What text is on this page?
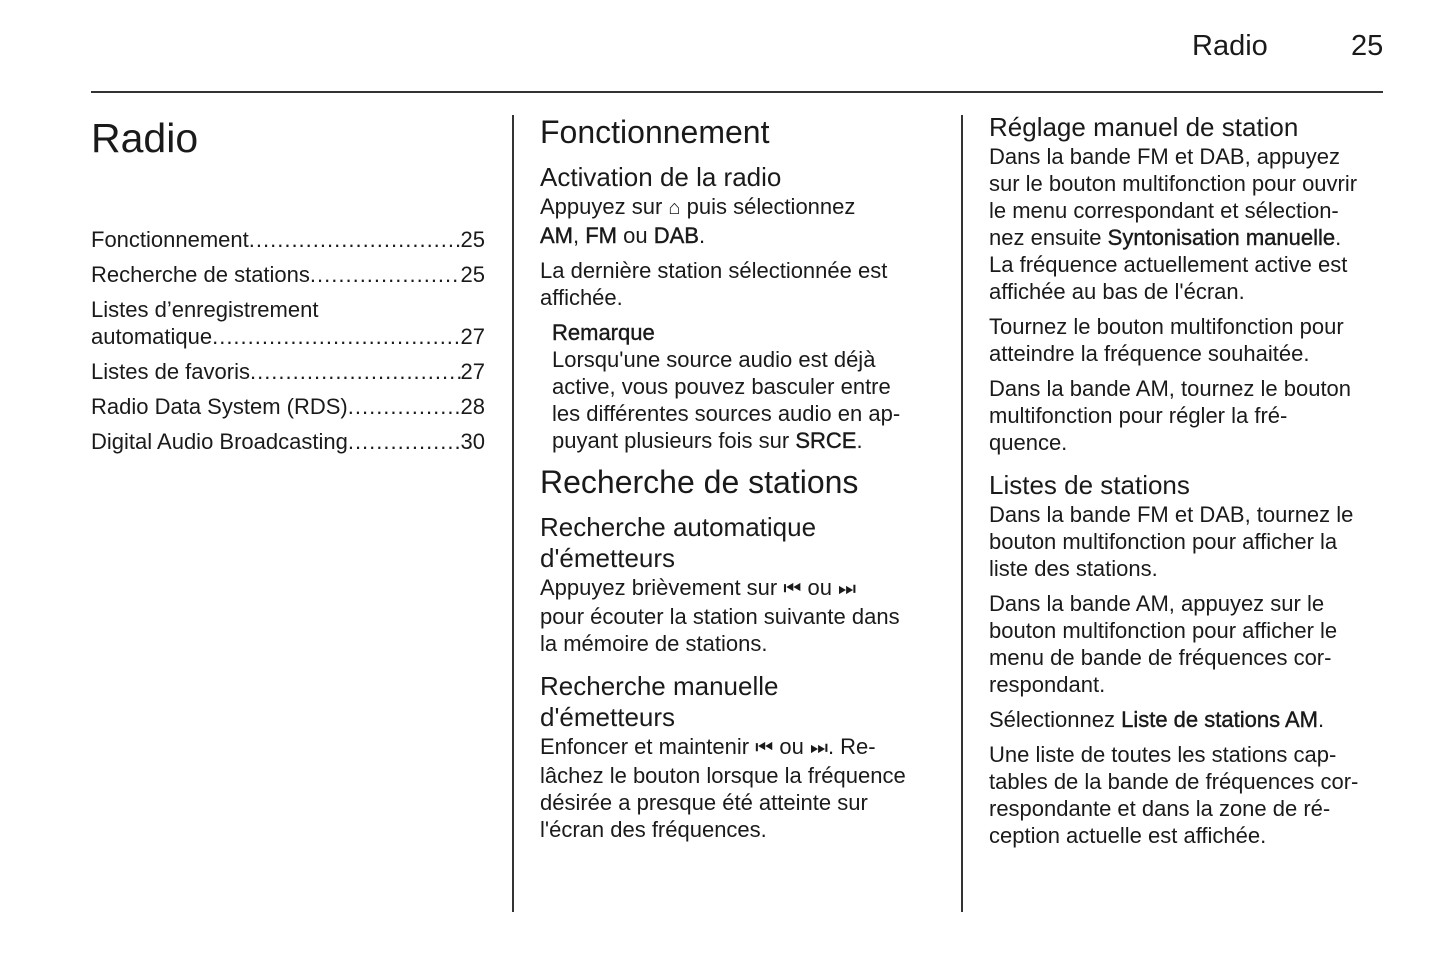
Radio	25
Radio
Fonctionnement .....	25
Recherche de stations .....	25
Listes d’enregistrement
automatique .....	27
Listes de favoris .....	27
Radio Data System (RDS) .....	28
Digital Audio Broadcasting .....	30
Fonctionnement
Activation de la radio
Appuyez sur ⌂ puis sélectionnez
AM, FM ou DAB.
La dernière station sélectionnée est
affichée.
Remarque
Lorsqu'une source audio est déjà
active, vous pouvez basculer entre
les différentes sources audio en ap-
puyant plusieurs fois sur SRCE.
Recherche de stations
Recherche automatique
d'émetteurs
Appuyez brièvement sur ⏮ ou ⏭
pour écouter la station suivante dans
la mémoire de stations.
Recherche manuelle
d'émetteurs
Enfoncer et maintenir ⏮ ou ⏭. Re-
lâchez le bouton lorsque la fréquence
désirée a presque été atteinte sur
l'écran des fréquences.
Réglage manuel de station
Dans la bande FM et DAB, appuyez
sur le bouton multifonction pour ouvrir
le menu correspondant et sélection-
nez ensuite Syntonisation manuelle.
La fréquence actuellement active est
affichée au bas de l'écran.
Tournez le bouton multifonction pour
atteindre la fréquence souhaitée.
Dans la bande AM, tournez le bouton
multifonction pour régler la fré-
quence.
Listes de stations
Dans la bande FM et DAB, tournez le
bouton multifonction pour afficher la
liste des stations.
Dans la bande AM, appuyez sur le
bouton multifonction pour afficher le
menu de bande de fréquences cor-
respondant.
Sélectionnez Liste de stations AM.
Une liste de toutes les stations cap-
tables de la bande de fréquences cor-
respondante et dans la zone de ré-
ception actuelle est affichée.
